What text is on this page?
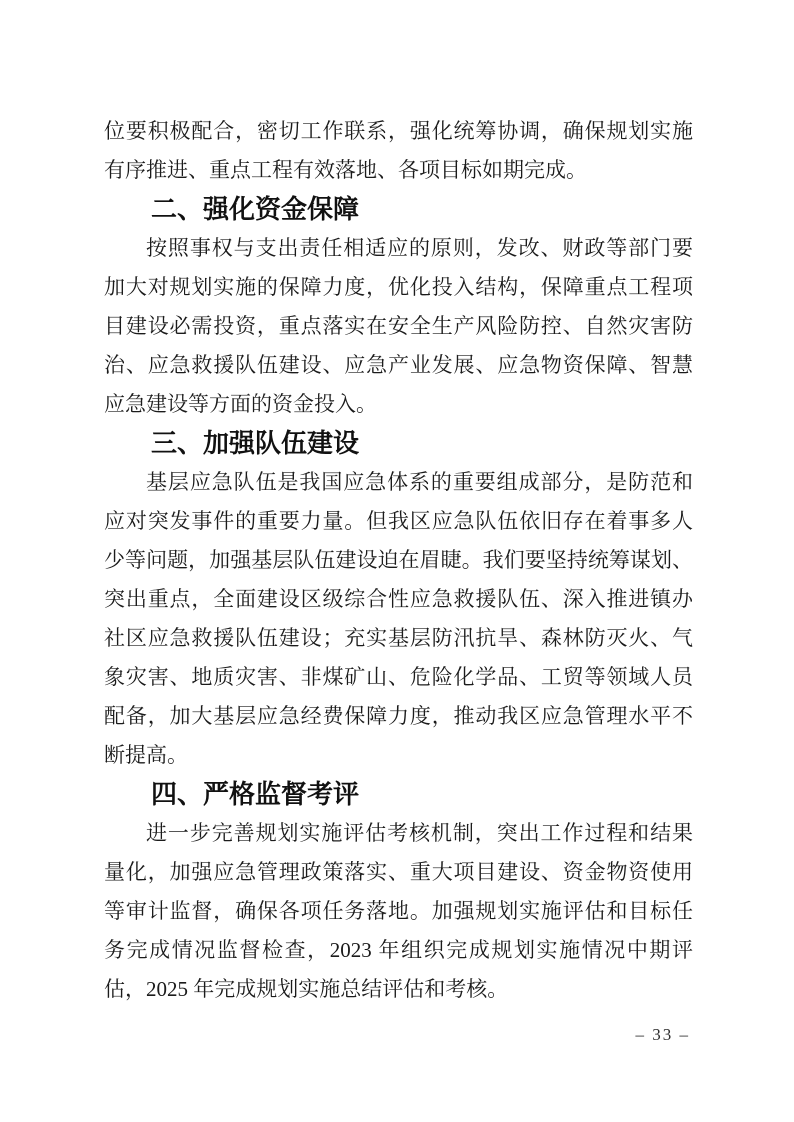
位要积极配合，密切工作联系，强化统筹协调，确保规划实施
有序推进、重点工程有效落地、各项目标如期完成。
二、强化资金保障
按照事权与支出责任相适应的原则，发改、财政等部门要
加大对规划实施的保障力度，优化投入结构，保障重点工程项
目建设必需投资，重点落实在安全生产风险防控、自然灾害防
治、应急救援队伍建设、应急产业发展、应急物资保障、智慧
应急建设等方面的资金投入。
三、加强队伍建设
基层应急队伍是我国应急体系的重要组成部分，是防范和
应对突发事件的重要力量。但我区应急队伍依旧存在着事多人
少等问题，加强基层队伍建设迫在眉睫。我们要坚持统筹谋划、
突出重点，全面建设区级综合性应急救援队伍、深入推进镇办
社区应急救援队伍建设；充实基层防汛抗旱、森林防灭火、气
象灾害、地质灾害、非煤矿山、危险化学品、工贸等领域人员
配备，加大基层应急经费保障力度，推动我区应急管理水平不
断提高。
四、严格监督考评
进一步完善规划实施评估考核机制，突出工作过程和结果
量化，加强应急管理政策落实、重大项目建设、资金物资使用
等审计监督，确保各项任务落地。加强规划实施评估和目标任
务完成情况监督检查，2023 年组织完成规划实施情况中期评
估，2025 年完成规划实施总结评估和考核。
– 33 –
